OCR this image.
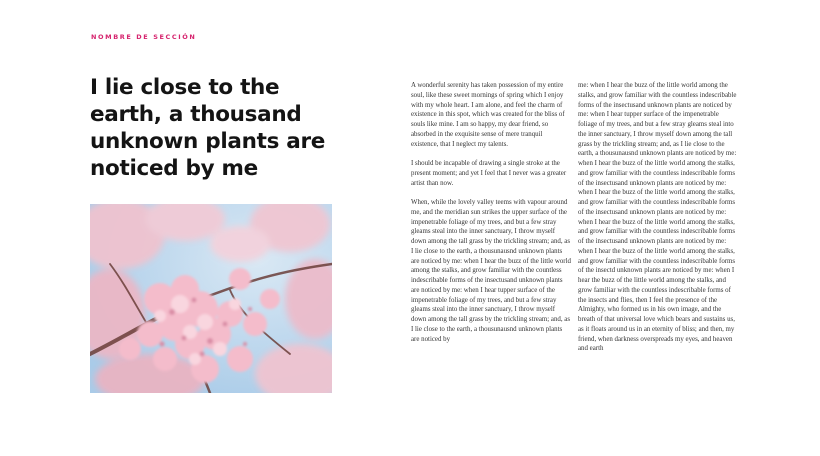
NOMBRE DE SECCIÓN
I lie close to the earth, a thousand unknown plants are noticed by me

A wonderful serenity has taken possession of my entire soul, like these sweet mornings of spring which I enjoy with my whole heart. I am alone, and feel the charm of existence in this spot, which was created for the bliss of souls like mine. I am so happy, my dear friend, so absorbed in the exquisite sense of mere tranquil existence, that I neglect my talents.

I should be incapable of drawing a single stroke at the present moment; and yet I feel that I never was a greater artist than now.

When, while the lovely valley teems with vapour around me, and the meridian sun strikes the upper surface of the impenetrable foliage of my trees, and but a few stray gleams steal into the inner sanctuary, I throw myself down among the tall grass by the trickling stream; and, as I lie close to the earth, a thousunausnd unknown plants are noticed by me: when I hear the buzz of the little world among the stalks, and grow familiar with the countless indescribable forms of the insectusand unknown plants are noticed by me: when I hear tupper surface of the impenetrable foliage of my trees, and but a few stray gleams steal into the inner sanctuary, I throw myself down among the tall grass by the trickling stream; and, as I lie close to the earth, a thousunausnd unknown plants are noticed by

me: when I hear the buzz of the little world among the stalks, and grow familiar with the countless indescribable forms of the insectusand unknown plants are noticed by me: when I hear tupper surface of the impenetrable foliage of my trees, and but a few stray gleams steal into the inner sanctuary, I throw myself down among the tall grass by the trickling stream; and, as I lie close to the earth, a thousunausnd unknown plants are noticed by me: when I hear the buzz of the little world among the stalks, and grow familiar with the countless indescribable forms of the insectusand unknown plants are noticed by me: when I hear the buzz of the little world among the stalks, and grow familiar with the countless indescribable forms of the insectusand unknown plants are noticed by me: when I hear the buzz of the little world among the stalks, and grow familiar with the countless indescribable forms of the insectusand unknown plants are noticed by me: when I hear the buzz of the little world among the stalks, and grow familiar with the countless indescribable forms of the insectd unknown plants are noticed by me: when I hear the buzz of the little world among the stalks, and grow familiar with the countless indescribable forms of the insects and flies, then I feel the presence of the Almighty, who formed us in his own image, and the breath of that universal love which bears and sustains us, as it floats around us in an eternity of bliss; and then, my friend, when darkness overspreads my eyes, and heaven and earth
